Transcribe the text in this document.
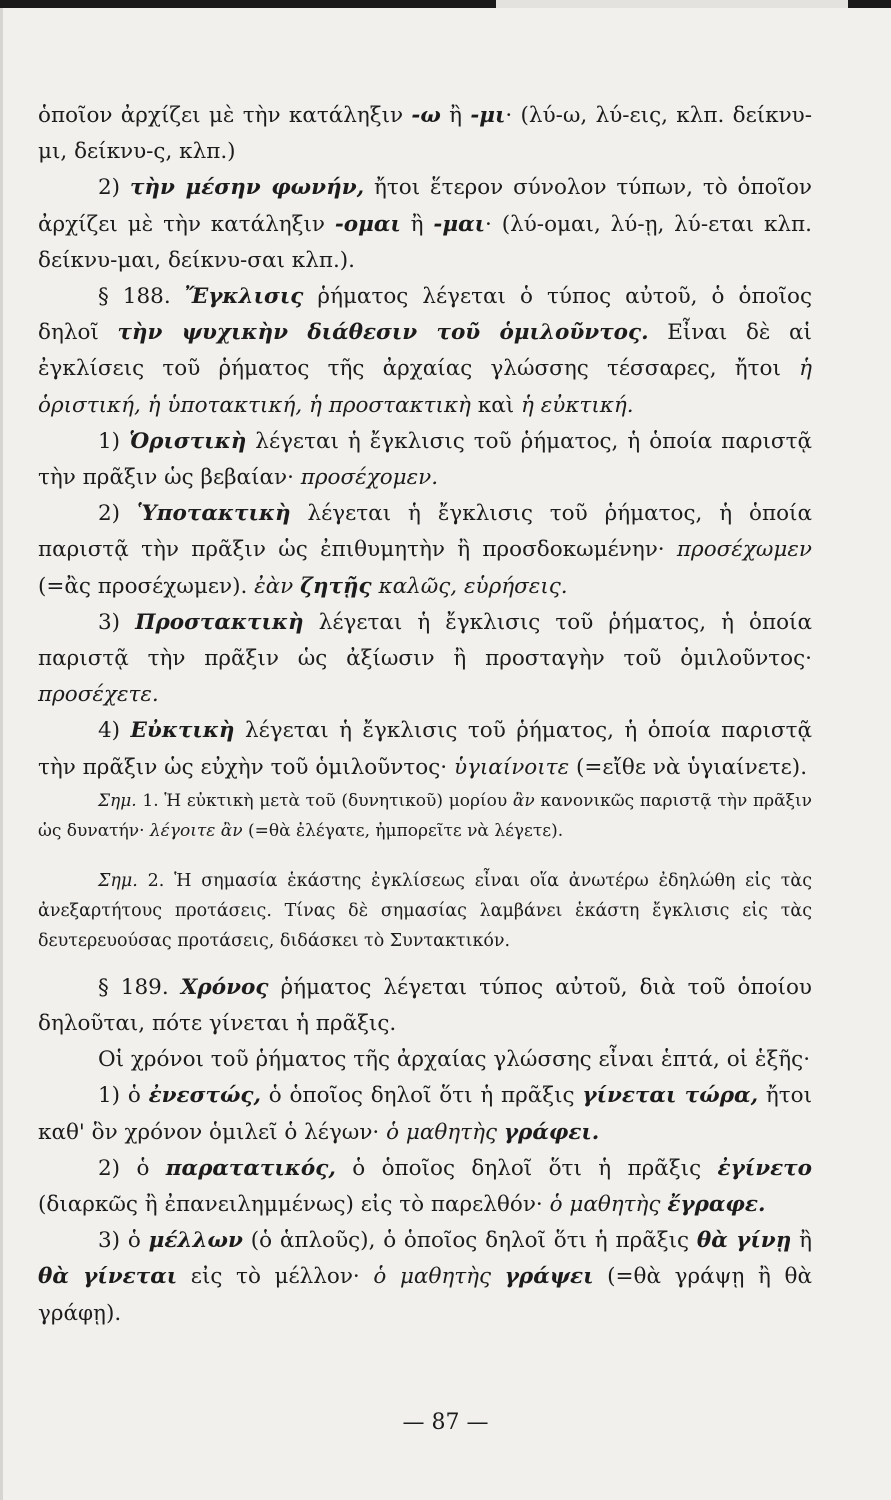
ὁποῖον ἀρχίζει μὲ τὴν κατάληξιν -ω ἢ -μι· (λύ-ω, λύ-εις, κλπ. δείκνυ-μι, δείκνυ-ς, κλπ.)

2) τὴν μέσην φωνήν, ἤτοι ἕτερον σύνολον τύπων, τὸ ὁποῖον ἀρχίζει μὲ τὴν κατάληξιν -ομαι ἢ -μαι· (λύ-ομαι, λύ-ῃ, λύ-εται κλπ. δείκνυ-μαι, δείκνυ-σαι κλπ.).

§ 188. Ἔγκλισις ῥήματος λέγεται ὁ τύπος αὐτοῦ, ὁ ὁποῖος δηλοῖ τὴν ψυχικὴν διάθεσιν τοῦ ὁμιλοῦντος. Εἶναι δὲ αἱ ἐγκλίσεις τοῦ ῥήματος τῆς ἀρχαίας γλώσσης τέσσαρες, ἤτοι ἡ ὁριστική, ἡ ὑποτακτική, ἡ προστακτικὴ καὶ ἡ εὐκτική.

1) Ὁριστικὴ λέγεται ἡ ἔγκλισις τοῦ ῥήματος, ἡ ὁποία παριστᾷ τὴν πρᾶξιν ὡς βεβαίαν· προσέχομεν.

2) Ὑποτακτικὴ λέγεται ἡ ἔγκλισις τοῦ ῥήματος, ἡ ὁποία παριστᾷ τὴν πρᾶξιν ὡς ἐπιθυμητὴν ἢ προσδοκωμένην· προσέχωμεν (=ἂς προσέχωμεν). ἐὰν ζητῇς καλῶς, εὑρήσεις.

3) Προστακτικὴ λέγεται ἡ ἔγκλισις τοῦ ῥήματος, ἡ ὁποία παριστᾷ τὴν πρᾶξιν ὡς ἀξίωσιν ἢ προσταγὴν τοῦ ὁμιλοῦντος· προσέχετε.

4) Εὐκτικὴ λέγεται ἡ ἔγκλισις τοῦ ῥήματος, ἡ ὁποία παριστᾷ τὴν πρᾶξιν ὡς εὐχὴν τοῦ ὁμιλοῦντος· ὑγιαίνοιτε (=εἴθε νὰ ὑγιαίνετε).

Σημ. 1. Ἡ εὐκτικὴ μετὰ τοῦ (δυνητικοῦ) μορίου ἂν κανονικῶς παριστᾷ τὴν πρᾶξιν ὡς δυνατήν· λέγοιτε ἂν (=θὰ ἐλέγατε, ἠμπορεῖτε νὰ λέγετε).

Σημ. 2. Ἡ σημασία ἑκάστης ἐγκλίσεως εἶναι οἵα ἀνωτέρω ἐδηλώθη εἰς τὰς ἀνεξαρτήτους προτάσεις. Τίνας δὲ σημασίας λαμβάνει ἑκάστη ἔγκλισις εἰς τὰς δευτερευούσας προτάσεις, διδάσκει τὸ Συντακτικόν.

§ 189. Χρόνος ῥήματος λέγεται τύπος αὐτοῦ, διὰ τοῦ ὁποίου δηλοῦται, πότε γίνεται ἡ πρᾶξις.

Οἱ χρόνοι τοῦ ῥήματος τῆς ἀρχαίας γλώσσης εἶναι ἑπτά, οἱ ἑξῆς·

1) ὁ ἐνεστώς, ὁ ὁποῖος δηλοῖ ὅτι ἡ πρᾶξις γίνεται τώρα, ἤτοι καθ' ὃν χρόνον ὁμιλεῖ ὁ λέγων· ὁ μαθητὴς γράφει.

2) ὁ παρατατικός, ὁ ὁποῖος δηλοῖ ὅτι ἡ πρᾶξις ἐγίνετο (διαρκῶς ἢ ἐπανειλημμένως) εἰς τὸ παρελθόν· ὁ μαθητὴς ἔγραφε.

3) ὁ μέλλων (ὁ ἁπλοῦς), ὁ ὁποῖος δηλοῖ ὅτι ἡ πρᾶξις θὰ γίνῃ ἢ θὰ γίνεται εἰς τὸ μέλλον· ὁ μαθητὴς γράψει (=θὰ γράψῃ ἢ θὰ γράφῃ).

— 87 —
